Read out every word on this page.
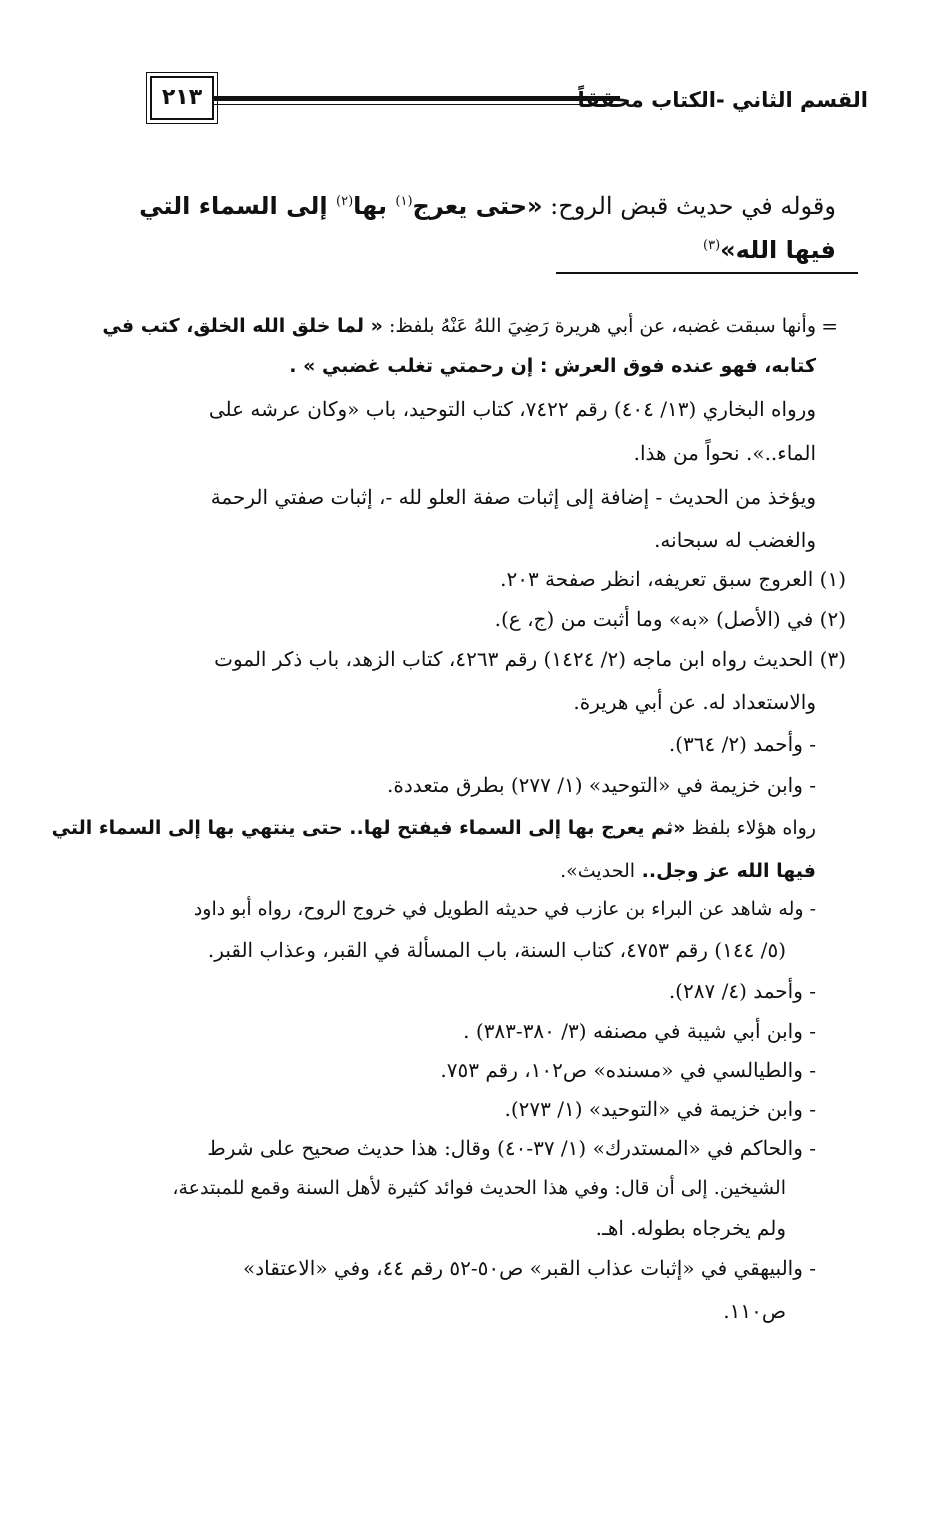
القسم الثاني -الكتاب محققاً
٢١٣
وقوله في حديث قبض الروح: «حتى يعرج$^{(١)}$ بها$^{(٢)}$ إلى السماء التي فيها الله»$^{(٣)}$
وأنها سبقت غضبه، عن أبي هريرة رَضِيَ اللهُ عَنْهُ بلفظ: « لما خلق الله الخلق، كتب في	=
كتابه، فهو عنده فوق العرش : إن رحمتي تغلب غضبي » .
ورواه البخاري (١٣/ ٤٠٤) رقم ٧٤٢٢، كتاب التوحيد، باب «وكان عرشه على
الماء..». نحواً من هذا.
ويؤخذ من الحديث - إضافة إلى إثبات صفة العلو لله -، إثبات صفتي الرحمة
والغضب له سبحانه.
(١) العروج سبق تعريفه، انظر صفحة ٢٠٣.
(٢) في (الأصل) «به» وما أثبت من (ج، ع).
(٣) الحديث رواه ابن ماجه (٢/ ١٤٢٤) رقم ٤٢٦٣، كتاب الزهد، باب ذكر الموت
والاستعداد له. عن أبي هريرة.
- وأحمد (٢/ ٣٦٤).
- وابن خزيمة في «التوحيد» (١/ ٢٧٧) بطرق متعددة.
رواه هؤلاء بلفظ «ثم يعرج بها إلى السماء فيفتح لها.. حتى ينتهي بها إلى السماء التي
فيها الله عز وجل.. الحديث».
- وله شاهد عن البراء بن عازب في حديثه الطويل في خروج الروح، رواه أبو داود
(٥/ ١٤٤) رقم ٤٧٥٣، كتاب السنة، باب المسألة في القبر، وعذاب القبر.
- وأحمد (٤/ ٢٨٧).
- وابن أبي شيبة في مصنفه (٣/ ٣٨٠-٣٨٣) .
- والطيالسي في «مسنده» ص١٠٢، رقم ٧٥٣.
- وابن خزيمة في «التوحيد» (١/ ٢٧٣).
- والحاكم في «المستدرك» (١/ ٣٧-٤٠) وقال: هذا حديث صحيح على شرط
الشيخين. إلى أن قال: وفي هذا الحديث فوائد كثيرة لأهل السنة وقمع للمبتدعة،
ولم يخرجاه بطوله. اهـ.
- والبيهقي في «إثبات عذاب القبر» ص٥٠-٥٢ رقم ٤٤، وفي «الاعتقاد»
ص١١٠.
